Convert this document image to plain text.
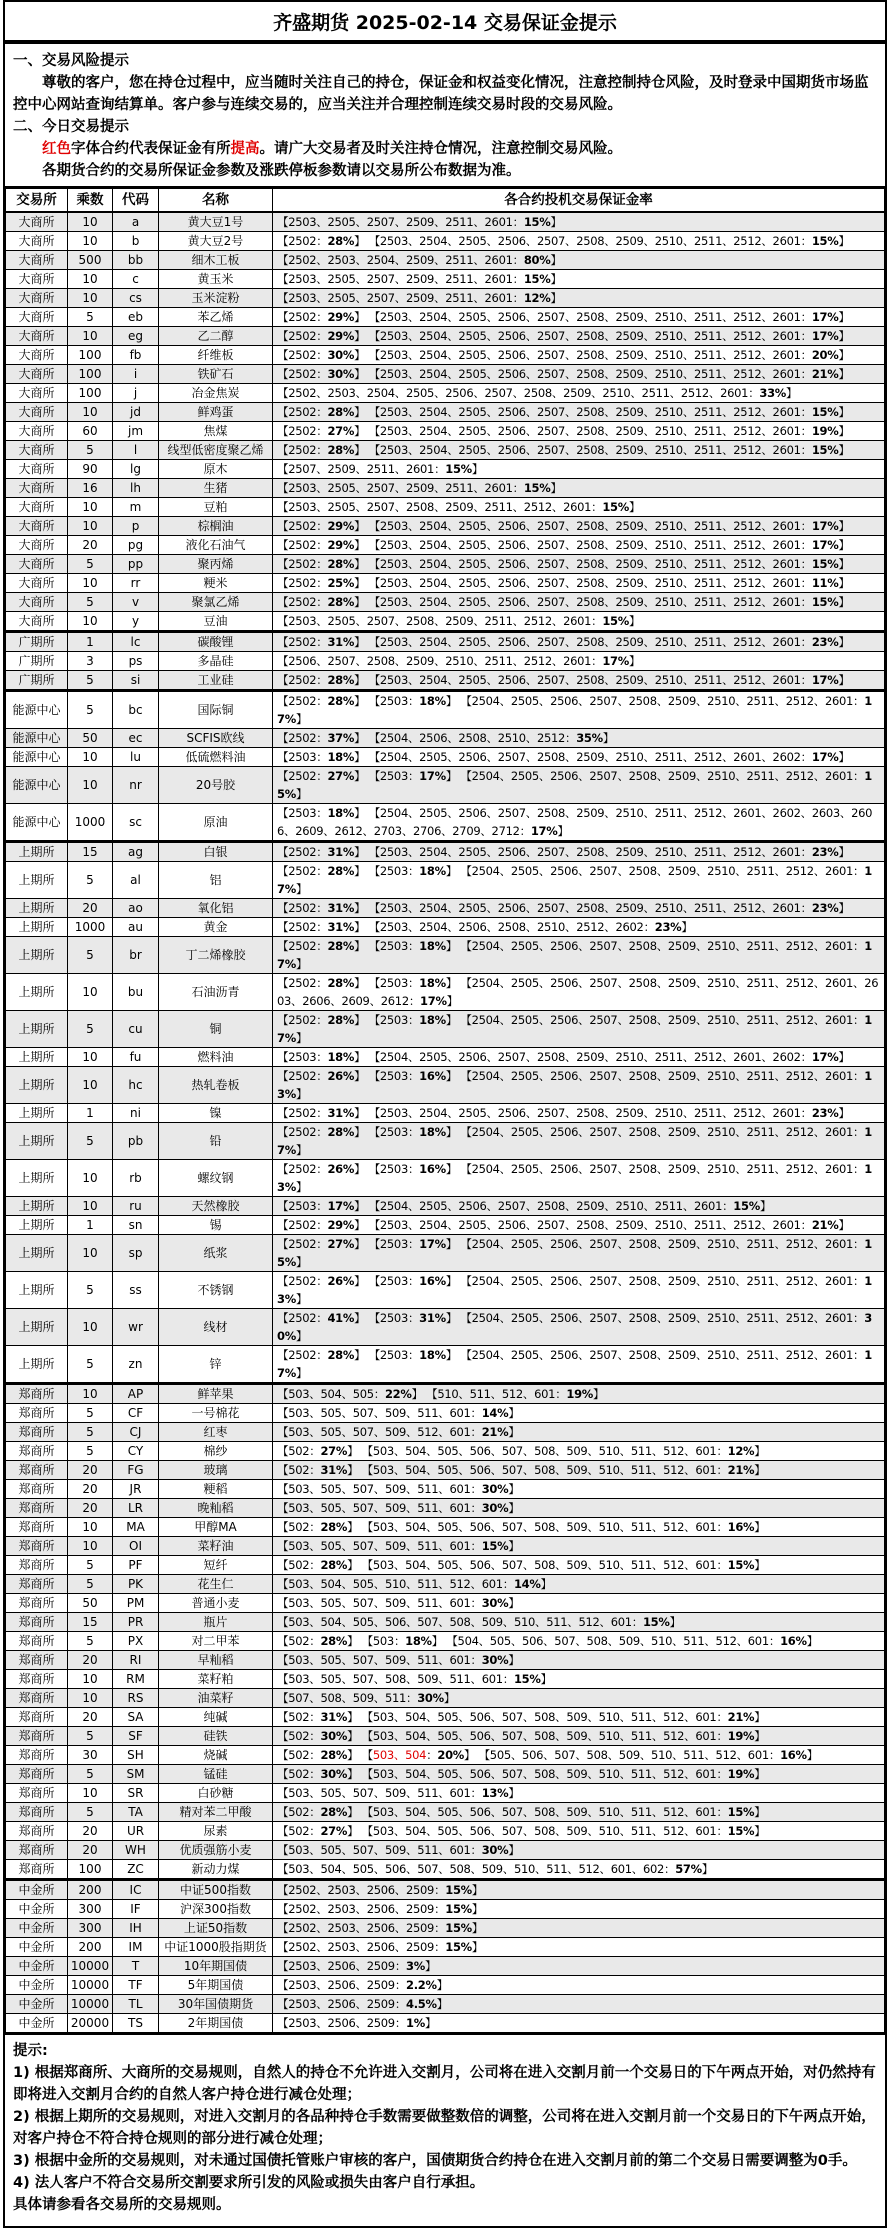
齐盛期货 2025-02-14 交易保证金提示

一、交易风险提示

尊敬的客户，您在持仓过程中，应当随时关注自己的持仓，保证金和权益变化情况，注意控制持仓风险，及时登录中国期货市场监控中心网站查询结算单。客户参与连续交易的，应当关注并合理控制连续交易时段的交易风险。

二、今日交易提示

红色字体合约代表保证金有所提高。请广大交易者及时关注持仓情况，注意控制交易风险。

各期货合约的交易所保证金参数及涨跌停板参数请以交易所公布数据为准。

交易所	乘数	代码	名称	各合约投机交易保证金率
大商所	10	a	黄大豆1号	【2503、2505、2507、2509、2511、2601：15%】
大商所	10	b	黄大豆2号	【2502：28%】 【2503、2504、2505、2506、2507、2508、2509、2510、2511、2512、2601：15%】
大商所	500	bb	细木工板	【2502、2503、2504、2509、2511、2601：80%】
大商所	10	c	黄玉米	【2503、2505、2507、2509、2511、2601：15%】
大商所	10	cs	玉米淀粉	【2503、2505、2507、2509、2511、2601：12%】
大商所	5	eb	苯乙烯	【2502：29%】 【2503、2504、2505、2506、2507、2508、2509、2510、2511、2512、2601：17%】
大商所	10	eg	乙二醇	【2502：29%】 【2503、2504、2505、2506、2507、2508、2509、2510、2511、2512、2601：17%】
大商所	100	fb	纤维板	【2502：30%】 【2503、2504、2505、2506、2507、2508、2509、2510、2511、2512、2601：20%】
大商所	100	i	铁矿石	【2502：30%】 【2503、2504、2505、2506、2507、2508、2509、2510、2511、2512、2601：21%】
大商所	100	j	冶金焦炭	【2502、2503、2504、2505、2506、2507、2508、2509、2510、2511、2512、2601：33%】
大商所	10	jd	鲜鸡蛋	【2502：28%】 【2503、2504、2505、2506、2507、2508、2509、2510、2511、2512、2601：15%】
大商所	60	jm	焦煤	【2502：27%】 【2503、2504、2505、2506、2507、2508、2509、2510、2511、2512、2601：19%】
大商所	5	l	线型低密度聚乙烯	【2502：28%】 【2503、2504、2505、2506、2507、2508、2509、2510、2511、2512、2601：15%】
大商所	90	lg	原木	【2507、2509、2511、2601：15%】
大商所	16	lh	生猪	【2503、2505、2507、2509、2511、2601：15%】
大商所	10	m	豆粕	【2503、2505、2507、2508、2509、2511、2512、2601：15%】
大商所	10	p	棕榈油	【2502：29%】 【2503、2504、2505、2506、2507、2508、2509、2510、2511、2512、2601：17%】
大商所	20	pg	液化石油气	【2502：29%】 【2503、2504、2505、2506、2507、2508、2509、2510、2511、2512、2601：17%】
大商所	5	pp	聚丙烯	【2502：28%】 【2503、2504、2505、2506、2507、2508、2509、2510、2511、2512、2601：15%】
大商所	10	rr	粳米	【2502：25%】 【2503、2504、2505、2506、2507、2508、2509、2510、2511、2512、2601：11%】
大商所	5	v	聚氯乙烯	【2502：28%】 【2503、2504、2505、2506、2507、2508、2509、2510、2511、2512、2601：15%】
大商所	10	y	豆油	【2503、2505、2507、2508、2509、2511、2512、2601：15%】
广期所	1	lc	碳酸锂	【2502：31%】 【2503、2504、2505、2506、2507、2508、2509、2510、2511、2512、2601：23%】
广期所	3	ps	多晶硅	【2506、2507、2508、2509、2510、2511、2512、2601：17%】
广期所	5	si	工业硅	【2502：28%】 【2503、2504、2505、2506、2507、2508、2509、2510、2511、2512、2601：17%】
能源中心	5	bc	国际铜	【2502：28%】 【2503：18%】 【2504、2505、2506、2507、2508、2509、2510、2511、2512、2601：17%】
能源中心	50	ec	SCFIS欧线	【2502：37%】 【2504、2506、2508、2510、2512：35%】
能源中心	10	lu	低硫燃料油	【2503：18%】 【2504、2505、2506、2507、2508、2509、2510、2511、2512、2601、2602：17%】
能源中心	10	nr	20号胶	【2502：27%】 【2503：17%】 【2504、2505、2506、2507、2508、2509、2510、2511、2512、2601：15%】
能源中心	1000	sc	原油	【2503：18%】 【2504、2505、2506、2507、2508、2509、2510、2511、2512、2601、2602、2603、2606、2609、2612、2703、2706、2709、2712：17%】
上期所	15	ag	白银	【2502：31%】 【2503、2504、2505、2506、2507、2508、2509、2510、2511、2512、2601：23%】
上期所	5	al	铝	【2502：28%】 【2503：18%】 【2504、2505、2506、2507、2508、2509、2510、2511、2512、2601：17%】
上期所	20	ao	氧化铝	【2502：31%】 【2503、2504、2505、2506、2507、2508、2509、2510、2511、2512、2601：23%】
上期所	1000	au	黄金	【2502：31%】 【2503、2504、2506、2508、2510、2512、2602：23%】
上期所	5	br	丁二烯橡胶	【2502：28%】 【2503：18%】 【2504、2505、2506、2507、2508、2509、2510、2511、2512、2601：17%】
上期所	10	bu	石油沥青	【2502：28%】 【2503：18%】 【2504、2505、2506、2507、2508、2509、2510、2511、2512、2601、2603、2606、2609、2612：17%】
上期所	5	cu	铜	【2502：28%】 【2503：18%】 【2504、2505、2506、2507、2508、2509、2510、2511、2512、2601：17%】
上期所	10	fu	燃料油	【2503：18%】 【2504、2505、2506、2507、2508、2509、2510、2511、2512、2601、2602：17%】
上期所	10	hc	热轧卷板	【2502：26%】 【2503：16%】 【2504、2505、2506、2507、2508、2509、2510、2511、2512、2601：13%】
上期所	1	ni	镍	【2502：31%】 【2503、2504、2505、2506、2507、2508、2509、2510、2511、2512、2601：23%】
上期所	5	pb	铅	【2502：28%】 【2503：18%】 【2504、2505、2506、2507、2508、2509、2510、2511、2512、2601：17%】
上期所	10	rb	螺纹钢	【2502：26%】 【2503：16%】 【2504、2505、2506、2507、2508、2509、2510、2511、2512、2601：13%】
上期所	10	ru	天然橡胶	【2503：17%】 【2504、2505、2506、2507、2508、2509、2510、2511、2601：15%】
上期所	1	sn	锡	【2502：29%】 【2503、2504、2505、2506、2507、2508、2509、2510、2511、2512、2601：21%】
上期所	10	sp	纸浆	【2502：27%】 【2503：17%】 【2504、2505、2506、2507、2508、2509、2510、2511、2512、2601：15%】
上期所	5	ss	不锈钢	【2502：26%】 【2503：16%】 【2504、2505、2506、2507、2508、2509、2510、2511、2512、2601：13%】
上期所	10	wr	线材	【2502：41%】 【2503：31%】 【2504、2505、2506、2507、2508、2509、2510、2511、2512、2601：30%】
上期所	5	zn	锌	【2502：28%】 【2503：18%】 【2504、2505、2506、2507、2508、2509、2510、2511、2512、2601：17%】
郑商所	10	AP	鲜苹果	【503、504、505：22%】 【510、511、512、601：19%】
郑商所	5	CF	一号棉花	【503、505、507、509、511、601：14%】
郑商所	5	CJ	红枣	【503、505、507、509、512、601：21%】
郑商所	5	CY	棉纱	【502：27%】 【503、504、505、506、507、508、509、510、511、512、601：12%】
郑商所	20	FG	玻璃	【502：31%】 【503、504、505、506、507、508、509、510、511、512、601：21%】
郑商所	20	JR	粳稻	【503、505、507、509、511、601：30%】
郑商所	20	LR	晚籼稻	【503、505、507、509、511、601：30%】
郑商所	10	MA	甲醇MA	【502：28%】 【503、504、505、506、507、508、509、510、511、512、601：16%】
郑商所	10	OI	菜籽油	【503、505、507、509、511、601：15%】
郑商所	5	PF	短纤	【502：28%】 【503、504、505、506、507、508、509、510、511、512、601：15%】
郑商所	5	PK	花生仁	【503、504、505、510、511、512、601：14%】
郑商所	50	PM	普通小麦	【503、505、507、509、511、601：30%】
郑商所	15	PR	瓶片	【503、504、505、506、507、508、509、510、511、512、601：15%】
郑商所	5	PX	对二甲苯	【502：28%】 【503：18%】 【504、505、506、507、508、509、510、511、512、601：16%】
郑商所	20	RI	早籼稻	【503、505、507、509、511、601：30%】
郑商所	10	RM	菜籽粕	【503、505、507、508、509、511、601：15%】
郑商所	10	RS	油菜籽	【507、508、509、511：30%】
郑商所	20	SA	纯碱	【502：31%】 【503、504、505、506、507、508、509、510、511、512、601：21%】
郑商所	5	SF	硅铁	【502：30%】 【503、504、505、506、507、508、509、510、511、512、601：19%】
郑商所	30	SH	烧碱	【502：28%】 【503、504：20%】 【505、506、507、508、509、510、511、512、601：16%】
郑商所	5	SM	锰硅	【502：30%】 【503、504、505、506、507、508、509、510、511、512、601：19%】
郑商所	10	SR	白砂糖	【503、505、507、509、511、601：13%】
郑商所	5	TA	精对苯二甲酸	【502：28%】 【503、504、505、506、507、508、509、510、511、512、601：15%】
郑商所	20	UR	尿素	【502：27%】 【503、504、505、506、507、508、509、510、511、512、601：15%】
郑商所	20	WH	优质强筋小麦	【503、505、507、509、511、601：30%】
郑商所	100	ZC	新动力煤	【503、504、505、506、507、508、509、510、511、512、601、602：57%】
中金所	200	IC	中证500指数	【2502、2503、2506、2509：15%】
中金所	300	IF	沪深300指数	【2502、2503、2506、2509：15%】
中金所	300	IH	上证50指数	【2502、2503、2506、2509：15%】
中金所	200	IM	中证1000股指期货	【2502、2503、2506、2509：15%】
中金所	10000	T	10年期国债	【2503、2506、2509：3%】
中金所	10000	TF	5年期国债	【2503、2506、2509：2.2%】
中金所	10000	TL	30年国债期货	【2503、2506、2509：4.5%】
中金所	20000	TS	2年期国债	【2503、2506、2509：1%】

提示:

1) 根据郑商所、大商所的交易规则，自然人的持仓不允许进入交割月，公司将在进入交割月前一个交易日的下午两点开始，对仍然持有即将进入交割月合约的自然人客户持仓进行减仓处理；

2) 根据上期所的交易规则，对进入交割月的各品种持仓手数需要做整数倍的调整，公司将在进入交割月前一个交易日的下午两点开始，对客户持仓不符合持仓规则的部分进行减仓处理；

3) 根据中金所的交易规则，对未通过国债托管账户审核的客户，国债期货合约持仓在进入交割月前的第二个交易日需要调整为0手。

4) 法人客户不符合交易所交割要求所引发的风险或损失由客户自行承担。

具体请参看各交易所的交易规则。
